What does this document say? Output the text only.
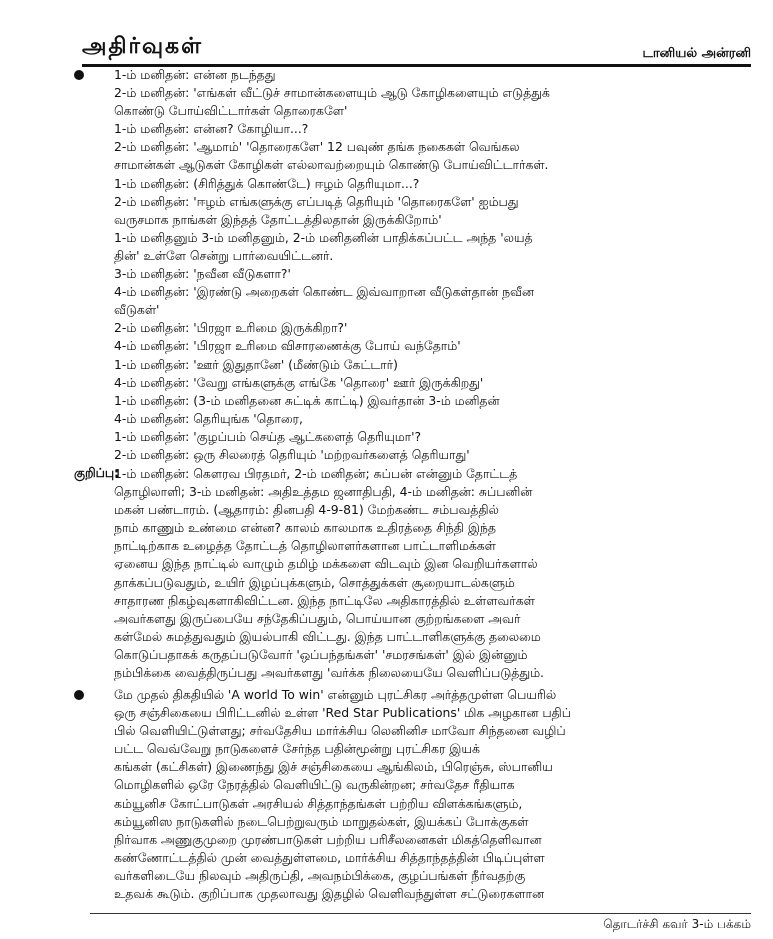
அதிர்வுகள்	டானியல் அன்ரனி
1-ம் மனிதன்: என்ன நடந்தது
2-ம் மனிதன்: 'எங்கள் வீட்டுச் சாமான்களையும் ஆடு கோழிகளையும் எடுத்துக்
கொண்டு போய்விட்டார்கள் தொரைகளே'
1-ம் மனிதன்: என்ன? கோழியா...?
2-ம் மனிதன்: 'ஆமாம்' 'தொரைகளே' 12 பவுண் தங்க நகைகள் வெங்கல
சாமான்கள் ஆடுகள் கோழிகள் எல்லாவற்றையும் கொண்டு போய்விட்டார்கள்.
1-ம் மனிதன்: (சிரித்துக் கொண்டே) ஈழம் தெரியுமா...?
2-ம் மனிதன்: 'ஈழம் எங்களுக்கு எப்படித் தெரியும் 'தொரைகளே' ஐம்பது
வருசமாக நாங்கள் இந்தத் தோட்டத்திலதான் இருக்கிறோம்'
1-ம் மனிதனும் 3-ம் மனிதனும், 2-ம் மனிதனின் பாதிக்கப்பட்ட அந்த 'லயத்
தின்' உள்ளே சென்று பார்வையிட்டனர்.
3-ம் மனிதன்: 'நவீன வீடுகளா?'
4-ம் மனிதன்: 'இரண்டு அறைகள் கொண்ட இவ்வாறான வீடுகள்தான் நவீன
வீடுகள்'
2-ம் மனிதன்: 'பிரஜா உரிமை இருக்கிறா?'
4-ம் மனிதன்: 'பிரஜா உரிமை விசாரணைக்கு போய் வந்தோம்'
1-ம் மனிதன்: 'ஊர் இதுதானே' (மீண்டும் கேட்டார்)
4-ம் மனிதன்: 'வேறு எங்களுக்கு எங்கே 'தொரை' ஊர் இருக்கிறது'
1-ம் மனிதன்: (3-ம் மனிதனை சுட்டிக் காட்டி) இவர்தான் 3-ம் மனிதன்
4-ம் மனிதன்: தெரியுங்க 'தொரை,
1-ம் மனிதன்: 'குழப்பம் செய்த ஆட்களைத் தெரியுமா'?
2-ம் மனிதன்: ஒரு சிலரைத் தெரியும் 'மற்றவர்களைத் தெரியாது'
குறிப்பு:
1-ம் மனிதன்: கௌரவ பிரதமர், 2-ம் மனிதன்; சுப்பன் என்னும் தோட்டத்
தொழிலாளி; 3-ம் மனிதன்: அதிஉத்தம ஜனாதிபதி, 4-ம் மனிதன்: சுப்பனின்
மகன் பண்டாரம். (ஆதாரம்: தினபதி 4-9-81) மேற்கண்ட சம்பவத்தில்
நாம் காணும் உண்மை என்ன? காலம் காலமாக உதிரத்தை சிந்தி இந்த
நாட்டிற்காக உழைத்த தோட்டத் தொழிலாளர்களான பாட்டாளிமக்கள்
ஏனைய இந்த நாட்டில் வாழும் தமிழ் மக்களை விடவும் இன வெறியர்களால்
தாக்கப்படுவதும், உயிர் இழப்புக்களும், சொத்துக்கள் சூறையாடல்களும்
சாதாரண நிகழ்வுகளாகிவிட்டன. இந்த நாட்டிலே அதிகாரத்தில் உள்ளவர்கள்
அவர்களது இருப்பையே சந்தேகிப்பதும், பொய்யான குற்றங்களை அவர்
கள்மேல் சுமத்துவதும் இயல்பாகி விட்டது. இந்த பாட்டாளிகளுக்கு தலைமை
கொடுப்பதாகக் கருதப்படுவோர் 'ஒப்பந்தங்கள்' 'சமரசங்கள்' இல் இன்னும்
நம்பிக்கை வைத்திருப்பது அவர்களது 'வர்க்க நிலையையே வெளிப்படுத்தும்.
மே முதல் திகதியில் 'A world To win' என்னும் புரட்சிகர அர்த்தமுள்ள பெயரில்
ஒரு சஞ்சிகையை பிரிட்டனில் உள்ள 'Red Star Publications' மிக அழகான பதிப்
பில் வெளியிட்டுள்ளது; சர்வதேசிய மார்க்சிய லெனினிச மாவோ சிந்தனை வழிப்
பட்ட வெவ்வேறு நாடுகளைச் சேர்ந்த பதின்மூன்று புரட்சிகர இயக்
கங்கள் (கட்சிகள்) இணைந்து இச் சஞ்சிகையை ஆங்கிலம், பிரெஞ்சு, ஸ்பானிய
மொழிகளில் ஒரே நேரத்தில் வெளியிட்டு வருகின்றன; சர்வதேச ரீதியாக
கம்யூனிச கோட்பாடுகள் அரசியல் சித்தாந்தங்கள் பற்றிய விளக்கங்களும்,
கம்யூனிஸ நாடுகளில் நடைபெற்றுவரும் மாறுதல்கள், இயக்கப் போக்குகள்
நிர்வாக அணுகுமுறை முரண்பாடுகள் பற்றிய பரிசீலனைகள் மிகத்தெளிவான
கண்ணோட்டத்தில் முன் வைத்துள்ளமை, மார்க்சிய சித்தாந்தத்தின் பிடிப்புள்ள
வர்களிடையே நிலவும் அதிருப்தி, அவநம்பிக்கை, குழப்பங்கள் நீர்வதற்கு
உதவக் கூடும். குறிப்பாக முதலாவது இதழில் வெளிவந்துள்ள சட்டுரைகளான
தொடர்ச்சி கவர் 3-ம் பக்கம்
